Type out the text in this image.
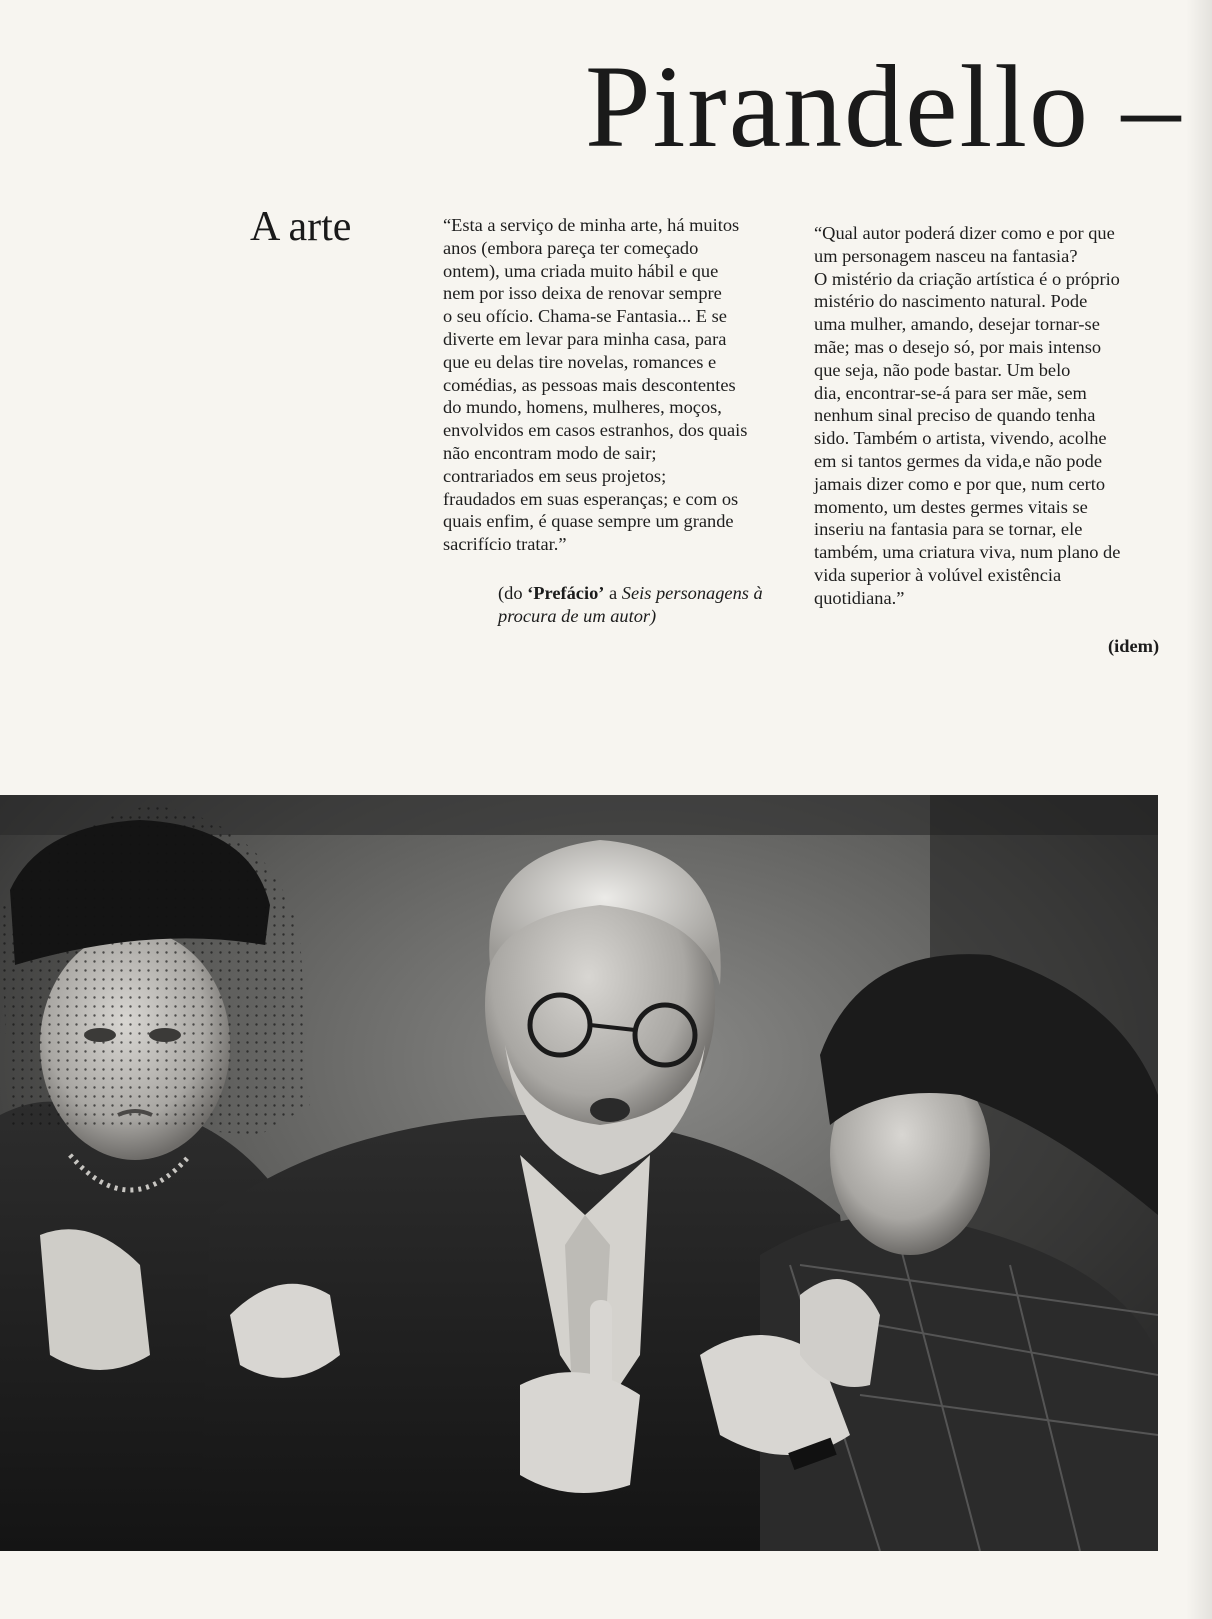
Pirandello –
A arte	“Esta a serviço de minha arte, há muitos
anos (embora pareça ter começado
ontem), uma criada muito hábil e que
nem por isso deixa de renovar sempre
o seu ofício. Chama-se Fantasia... E se
diverte em levar para minha casa, para
que eu delas tire novelas, romances e
comédias, as pessoas mais descontentes
do mundo, homens, mulheres, moços,
envolvidos em casos estranhos, dos quais
não encontram modo de sair;
contrariados em seus projetos;
fraudados em suas esperanças; e com os
quais enfim, é quase sempre um grande
sacrifício tratar.”
(do ‘Prefácio’ a Seis personagens à
procura de um autor)
“Qual autor poderá dizer como e por que
um personagem nasceu na fantasia?
O mistério da criação artística é o próprio
mistério do nascimento natural. Pode
uma mulher, amando, desejar tornar-se
mãe; mas o desejo só, por mais intenso
que seja, não pode bastar. Um belo
dia, encontrar-se-á para ser mãe, sem
nenhum sinal preciso de quando tenha
sido. Também o artista, vivendo, acolhe
em si tantos germes da vida,e não pode
jamais dizer como e por que, num certo
momento, um destes germes vitais se
inseriu na fantasia para se tornar, ele
também, uma criatura viva, num plano de
vida superior à volúvel existência
quotidiana.”
(idem)
